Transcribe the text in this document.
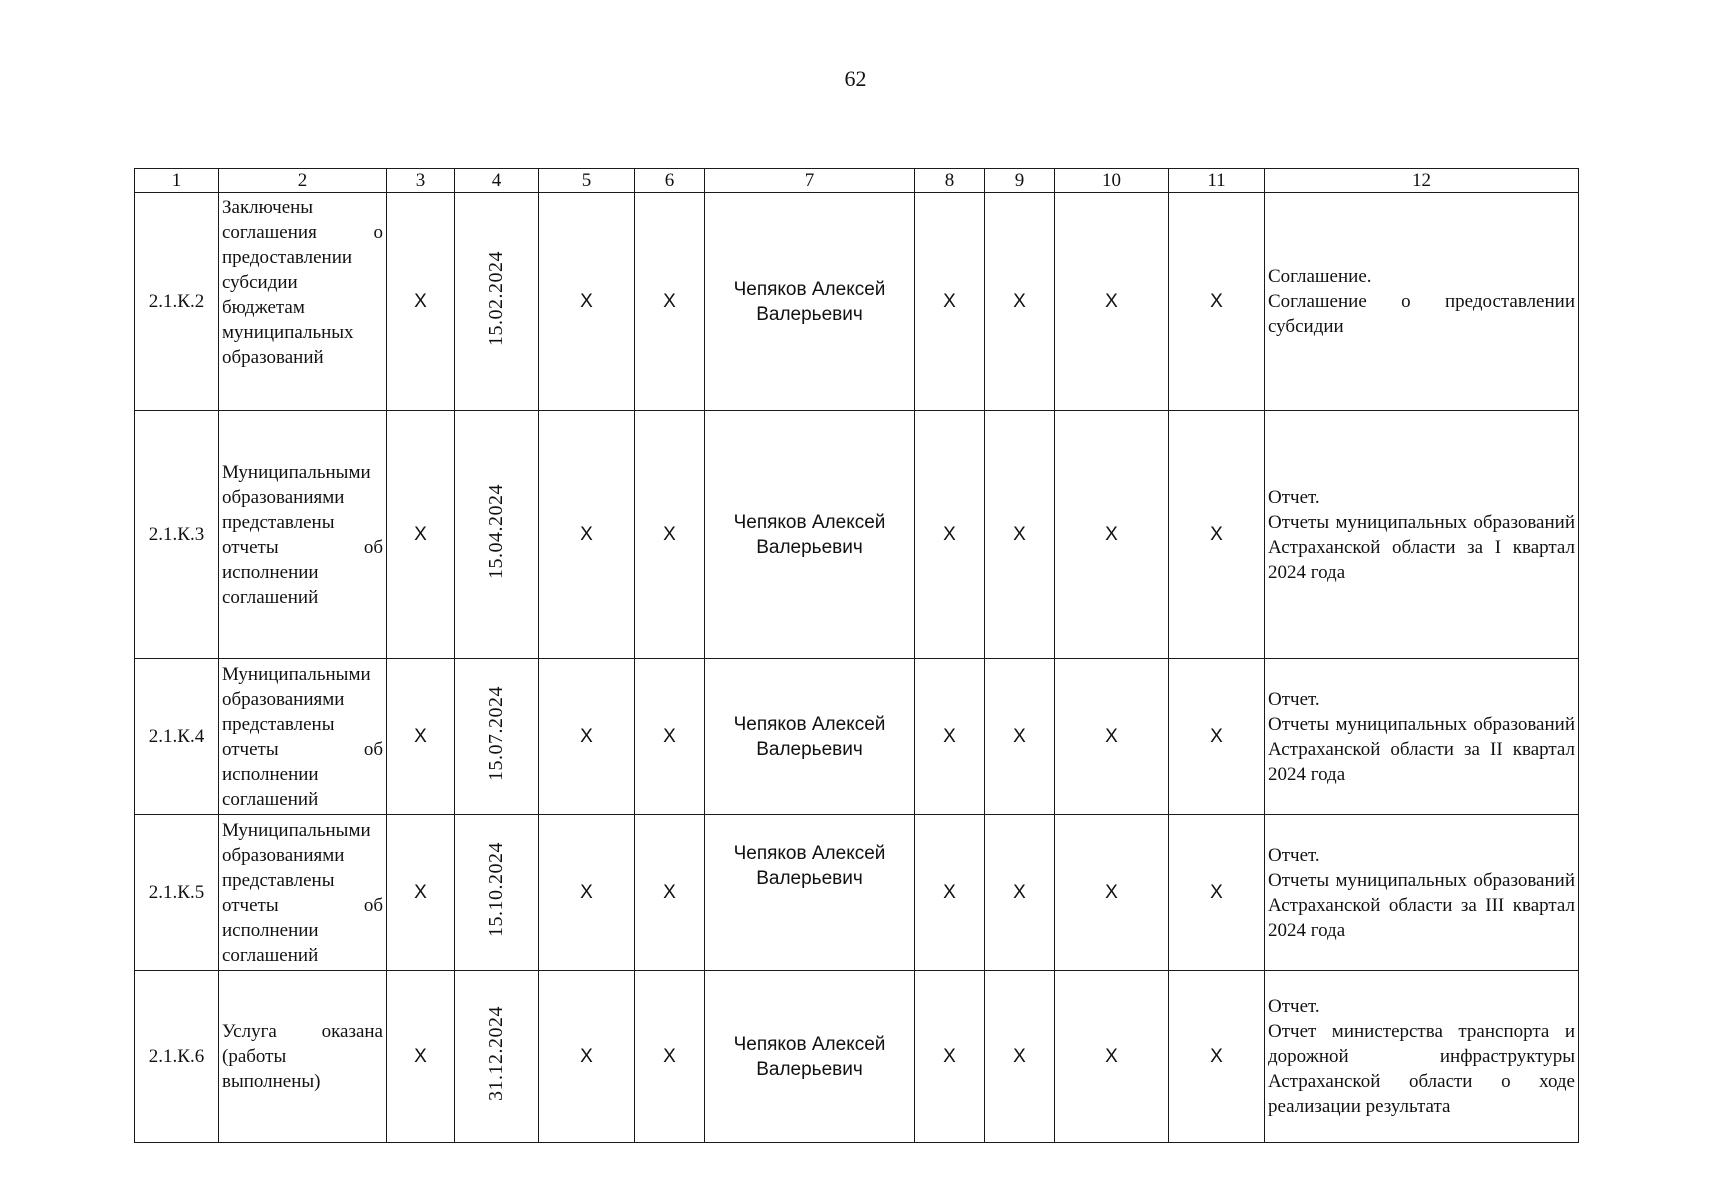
62
1	2	3	4	5	6	7	8	9	10	11	12
2.1.К.2	Заключены соглашения о предоставлении субсидии бюджетам муниципальных образований	X	15.02.2024	X	X	Чепяков Алексей Валерьевич	X	X	X	X	Соглашение.
Соглашение о предоставлении субсидии

2.1.К.3	Муниципальными образованиями представлены отчеты об исполнении соглашений	X	15.04.2024	X	X	Чепяков Алексей Валерьевич	X	X	X	X	Отчет.
Отчеты муниципальных образований Астраханской области за I квартал 2024 года

2.1.К.4	Муниципальными образованиями представлены отчеты об исполнении соглашений	X	15.07.2024	X	X	Чепяков Алексей Валерьевич	X	X	X	X	Отчет.
Отчеты муниципальных образований Астраханской области за II квартал 2024 года

2.1.К.5	Муниципальными образованиями представлены отчеты об исполнении соглашений	X	15.10.2024	X	X	Чепяков Алексей Валерьевич	X	X	X	X	Отчет.
Отчеты муниципальных образований Астраханской области за III квартал 2024 года

2.1.К.6	Услуга оказана (работы выполнены)	X	31.12.2024	X	X	Чепяков Алексей Валерьевич	X	X	X	X	Отчет.
Отчет министерства транспорта и дорожной инфраструктуры Астраханской области о ходе реализации результата
